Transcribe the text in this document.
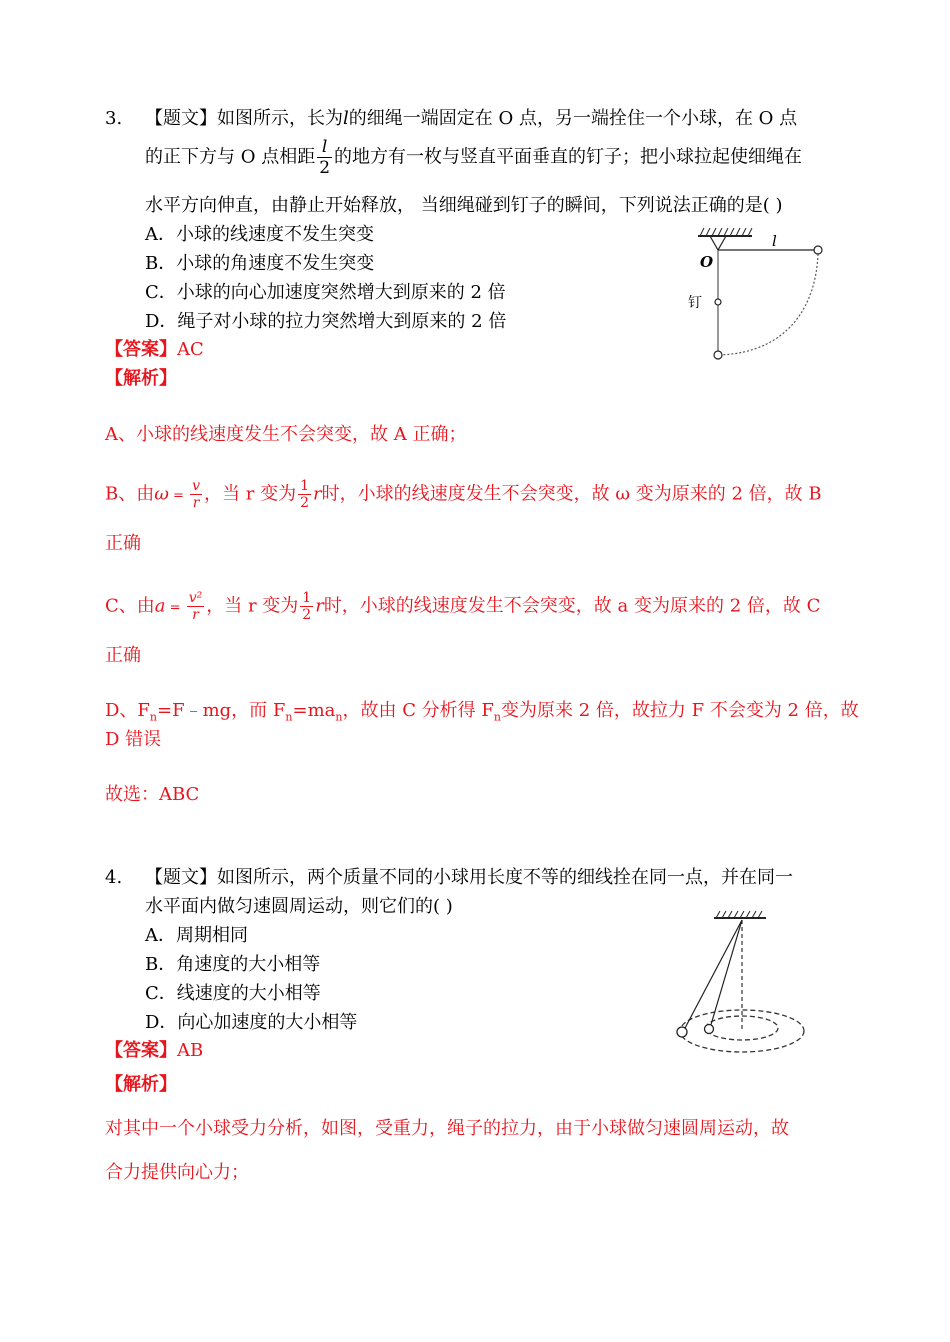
3. 【题文】如图所示，长为l的细绳一端固定在 O 点，另一端拴住一个小球，在 O 点
的正下方与 O 点相距 $\frac{l}{2}$ 的地方有一枚与竖直平面垂直的钉子；把小球拉起使细绳在
水平方向伸直，由静止开始释放， 当细绳碰到钉子的瞬间，下列说法正确的是( )
A．小球的线速度不发生突变
B．小球的角速度不发生突变
C．小球的向心加速度突然增大到原来的 2 倍
D．绳子对小球的拉力突然增大到原来的 2 倍
O
l
钉
【答案】AC
【解析】
A、小球的线速度发生不会突变，故 A 正确；
B、由$\omega = \frac{v}{r}$ ，当 r 变为 $\frac{1}{2}$ r时，小球的线速度发生不会突变，故 ω 变为原来的 2 倍，故 B
正确
C、由$a = \frac{\text{v²}}{r}$ ，当 r 变为 $\frac{1}{2}$ r时，小球的线速度发生不会突变，故 a 变为原来的 2 倍，故 C
正确
D、$F_n=F﹣mg$，而 $F_n=ma_n$，故由 C 分析得 $F_n$变为原来 2 倍，故拉力 F 不会变为 2 倍，故
D 错误
故选：ABC
4. 【题文】如图所示，两个质量不同的小球用长度不等的细线拴在同一点，并在同一
水平面内做匀速圆周运动，则它们的( )
A．周期相同
B．角速度的大小相等
C．线速度的大小相等
D．向心加速度的大小相等
【答案】AB
【解析】
对其中一个小球受力分析，如图，受重力，绳子的拉力，由于小球做匀速圆周运动，故
合力提供向心力；
